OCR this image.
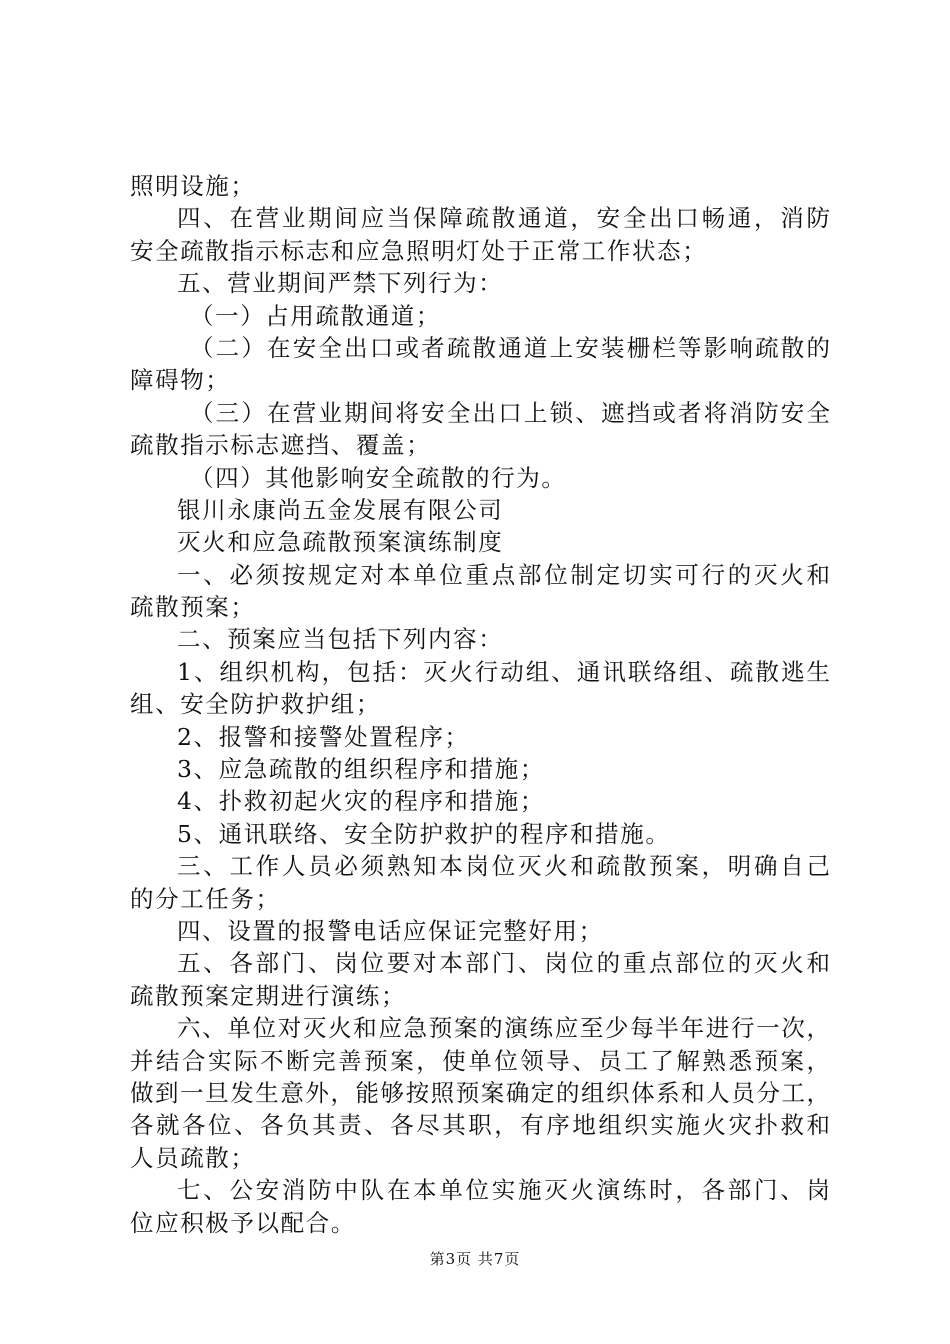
照明设施；
四、在营业期间应当保障疏散通道，安全出口畅通，消防
安全疏散指示标志和应急照明灯处于正常工作状态；
五、营业期间严禁下列行为：
（一）占用疏散通道；
（二）在安全出口或者疏散通道上安装栅栏等影响疏散的
障碍物；
（三）在营业期间将安全出口上锁、遮挡或者将消防安全
疏散指示标志遮挡、覆盖；
（四）其他影响安全疏散的行为。
银川永康尚五金发展有限公司
灭火和应急疏散预案演练制度
一、必须按规定对本单位重点部位制定切实可行的灭火和
疏散预案；
二、预案应当包括下列内容：
1、组织机构，包括：灭火行动组、通讯联络组、疏散逃生
组、安全防护救护组；
2、报警和接警处置程序；
3、应急疏散的组织程序和措施；
4、扑救初起火灾的程序和措施；
5、通讯联络、安全防护救护的程序和措施。
三、工作人员必须熟知本岗位灭火和疏散预案，明确自己
的分工任务；
四、设置的报警电话应保证完整好用；
五、各部门、岗位要对本部门、岗位的重点部位的灭火和
疏散预案定期进行演练；
六、单位对灭火和应急预案的演练应至少每半年进行一次，
并结合实际不断完善预案，使单位领导、员工了解熟悉预案，
做到一旦发生意外，能够按照预案确定的组织体系和人员分工，
各就各位、各负其责、各尽其职，有序地组织实施火灾扑救和
人员疏散；
七、公安消防中队在本单位实施灭火演练时，各部门、岗
位应积极予以配合。
第3页 共7页
